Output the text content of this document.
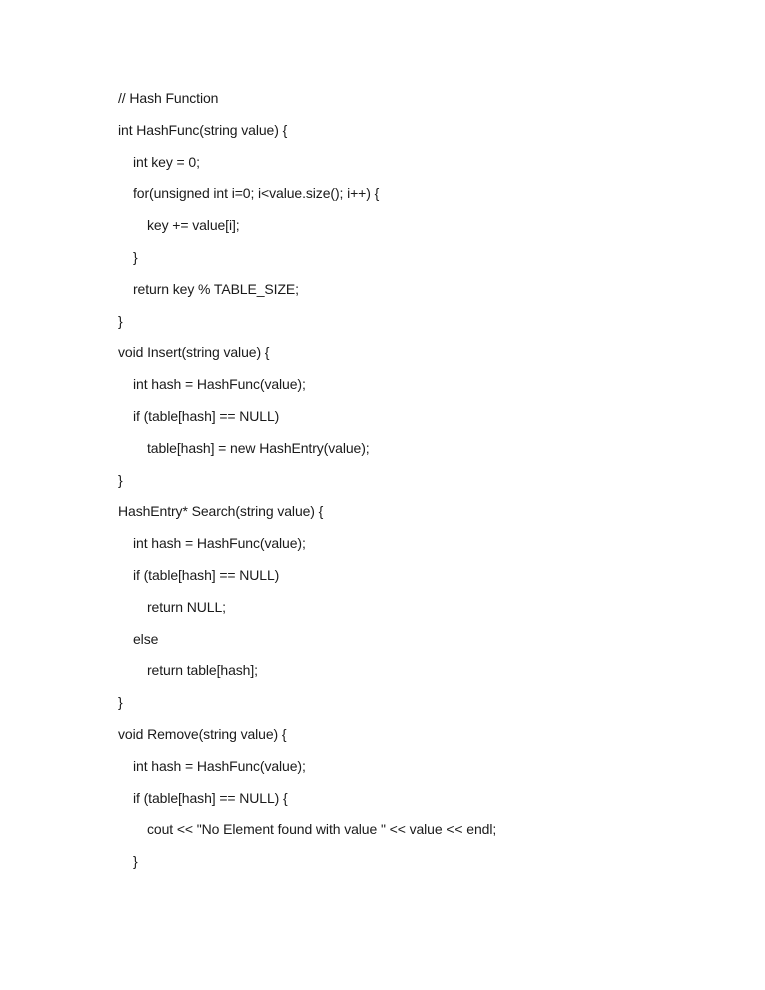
// Hash Function
int HashFunc(string value) {
int key = 0;
for(unsigned int i=0; i<value.size(); i++) {
key += value[i];
}
return key % TABLE_SIZE;
}
void Insert(string value) {
int hash = HashFunc(value);
if (table[hash] == NULL)
table[hash] = new HashEntry(value);
}
HashEntry* Search(string value) {
int hash = HashFunc(value);
if (table[hash] == NULL)
return NULL;
else
return table[hash];
}
void Remove(string value) {
int hash = HashFunc(value);
if (table[hash] == NULL) {
cout << "No Element found with value " << value << endl;
}
